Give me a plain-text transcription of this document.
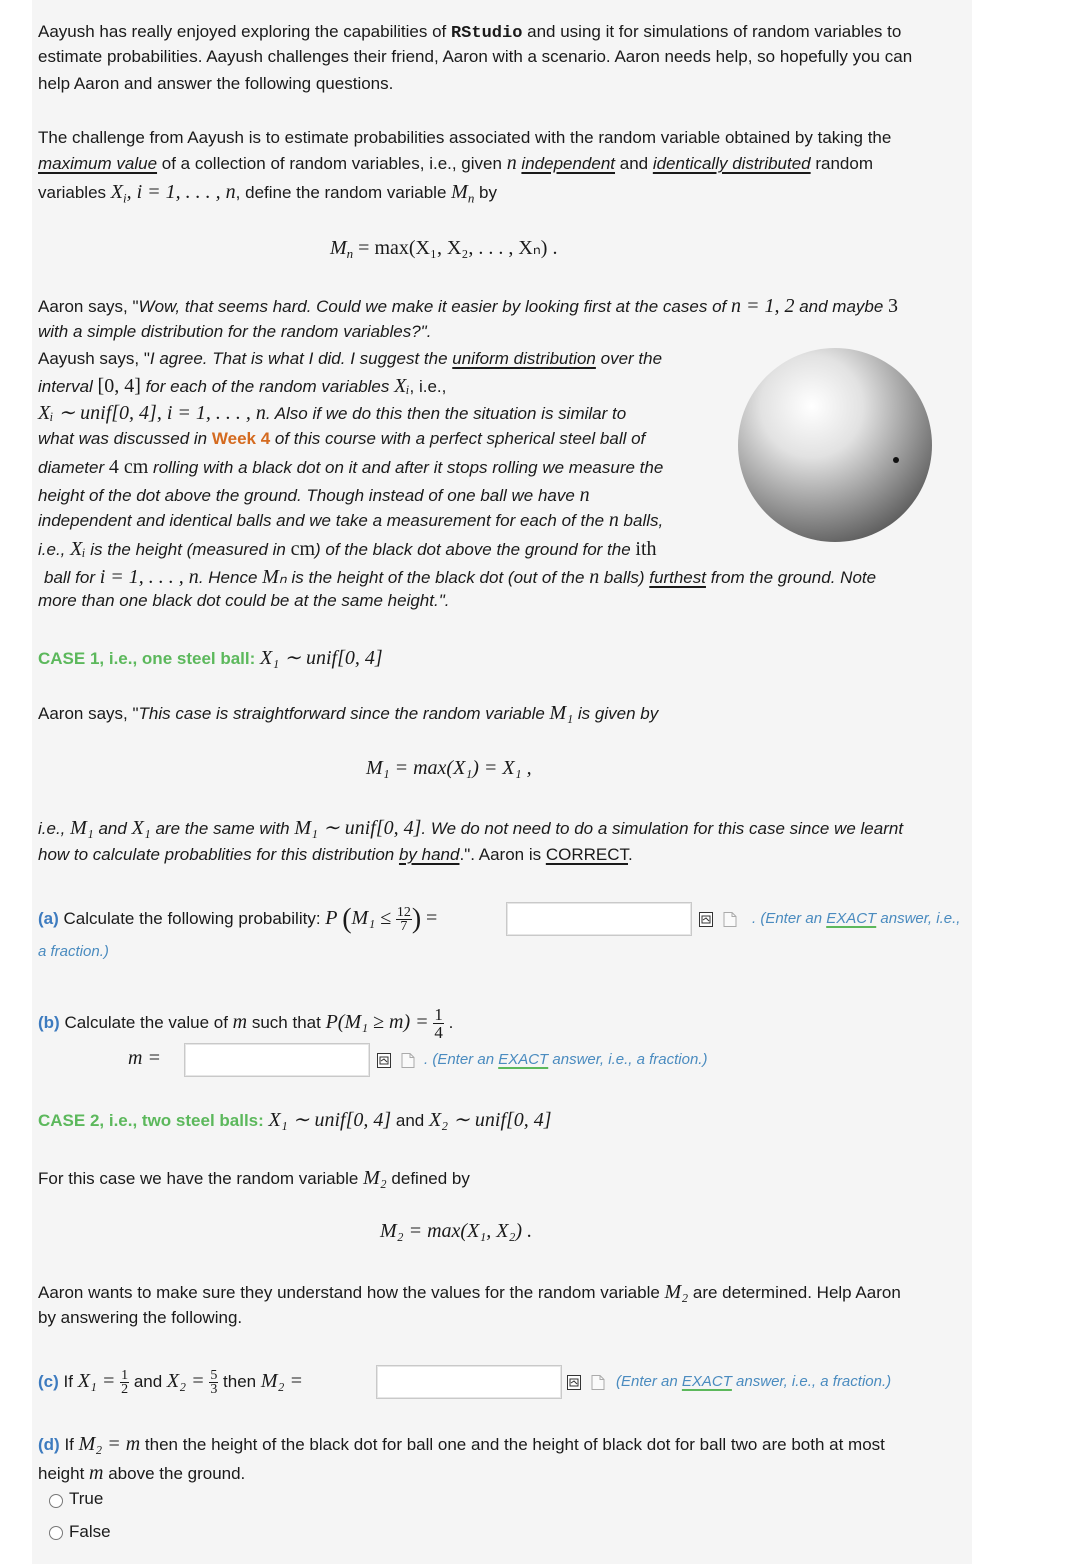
Aayush has really enjoyed exploring the capabilities of RStudio and using it for simulations of random variables to
estimate probabilities. Aayush challenges their friend, Aaron with a scenario. Aaron needs help, so hopefully you can
help Aaron and answer the following questions.
The challenge from Aayush is to estimate probabilities associated with the random variable obtained by taking the
maximum value of a collection of random variables, i.e., given n independent and identically distributed random
variables $X_i$, i = 1, . . . , n, define the random variable $M_n$ by
$M_n = \max(X_1$, X₂, . . . , Xₙ) .
Aaron says, "Wow, that seems hard. Could we make it easier by looking first at the cases of n = 1, 2 and maybe 3
with a simple distribution for the random variables?".
Aayush says, "I agree. That is what I did. I suggest the uniform distribution over the
interval [0, 4] for each of the random variables Xᵢ, i.e.,
Xᵢ ∼ unif[0, 4], i = 1, . . . , n. Also if we do this then the situation is similar to
what was discussed in Week 4 of this course with a perfect spherical steel ball of
diameter 4 cm rolling with a black dot on it and after it stops rolling we measure the
height of the dot above the ground. Though instead of one ball we have n
independent and identical balls and we take a measurement for each of the n balls,
i.e., Xᵢ is the height (measured in cm) of the black dot above the ground for the ith
ball for i = 1, . . . , n. Hence Mₙ is the height of the black dot (out of the n balls) furthest from the ground. Note
more than one black dot could be at the same height.".
CASE 1, i.e., one steel ball: X₁ ∼ unif[0, 4]
Aaron says, "This case is straightforward since the random variable M₁ is given by
M₁ = max(X₁) = X₁ ,
i.e., M₁ and X₁ are the same with M₁ ∼ unif[0, 4]. We do not need to do a simulation for this case since we learnt
how to calculate probablities for this distribution by hand.". Aaron is CORRECT.
(a) Calculate the following probability: P ($M_1 \le \frac{12}{7}$ ) =	. (Enter an EXACT answer, i.e.,
a fraction.)
(b) Calculate the value of m such that $P(M_1 \ge m) = \frac{1}{4}$ .
m =	. (Enter an EXACT answer, i.e., a fraction.)
CASE 2, i.e., two steel balls: X₁ ∼ unif[0, 4] and X₂ ∼ unif[0, 4]
For this case we have the random variable M₂ defined by
M₂ = max(X₁, X₂) .
Aaron wants to make sure they understand how the values for the random variable M₂ are determined. Help Aaron
by answering the following.
(c) If $X_1 = \frac{1}{2}$ and $X_2 = \frac{5}{3}$ then M₂ =	(Enter an EXACT answer, i.e., a fraction.)
(d) If M₂ = m then the height of the black dot for ball one and the height of black dot for ball two are both at most
height m above the ground.
True
False
